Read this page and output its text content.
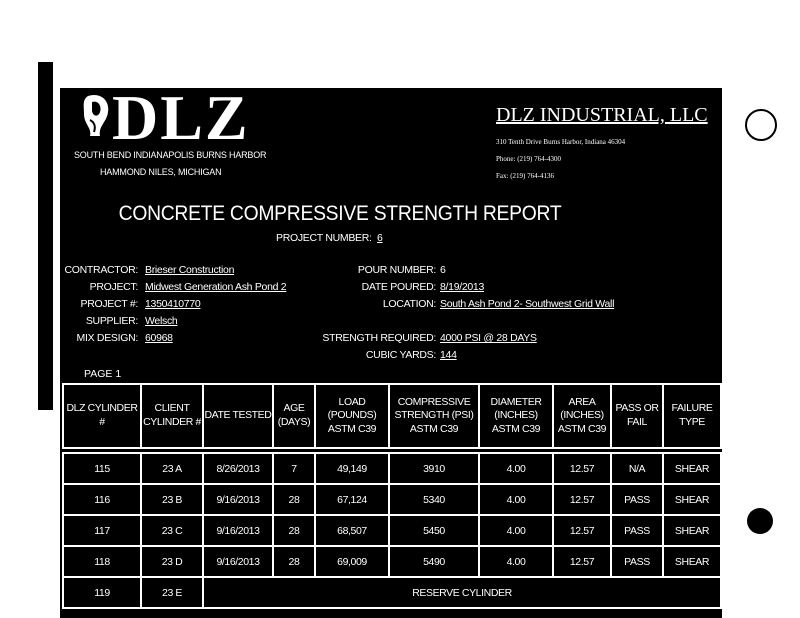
DLZ
SOUTH BEND INDIANAPOLIS BURNS HARBOR
HAMMOND NILES, MICHIGAN
DLZ INDUSTRIAL, LLC
310 Tenth Drive Burns Harbor, Indiana 46304
Phone: (219) 764-4300
Fax: (219) 764-4136
CONCRETE COMPRESSIVE STRENGTH REPORT
PROJECT NUMBER: 6
CONTRACTOR: Brieser Construction
PROJECT: Midwest Generation Ash Pond 2
PROJECT #: 1350410770
SUPPLIER: Welsch
MIX DESIGN: 60968
POUR NUMBER: 6
DATE POURED: 8/19/2013
LOCATION: South Ash Pond 2- Southwest Grid Wall
STRENGTH REQUIRED: 4000 PSI @ 28 DAYS
CUBIC YARDS: 144
PAGE 1
DLZ CYLINDER #	CLIENT CYLINDER #	DATE TESTED	AGE (DAYS)	LOAD (POUNDS) ASTM C39	COMPRESSIVE STRENGTH (PSI) ASTM C39	DIAMETER (INCHES) ASTM C39	AREA (INCHES) ASTM C39	PASS OR FAIL	FAILURE TYPE

115	23 A	8/26/2013	7	49,149	3910	4.00	12.57	N/A	SHEAR
116	23 B	9/16/2013	28	67,124	5340	4.00	12.57	PASS	SHEAR
117	23 C	9/16/2013	28	68,507	5450	4.00	12.57	PASS	SHEAR
118	23 D	9/16/2013	28	69,009	5490	4.00	12.57	PASS	SHEAR
119	23 E	RESERVE CYLINDER							
